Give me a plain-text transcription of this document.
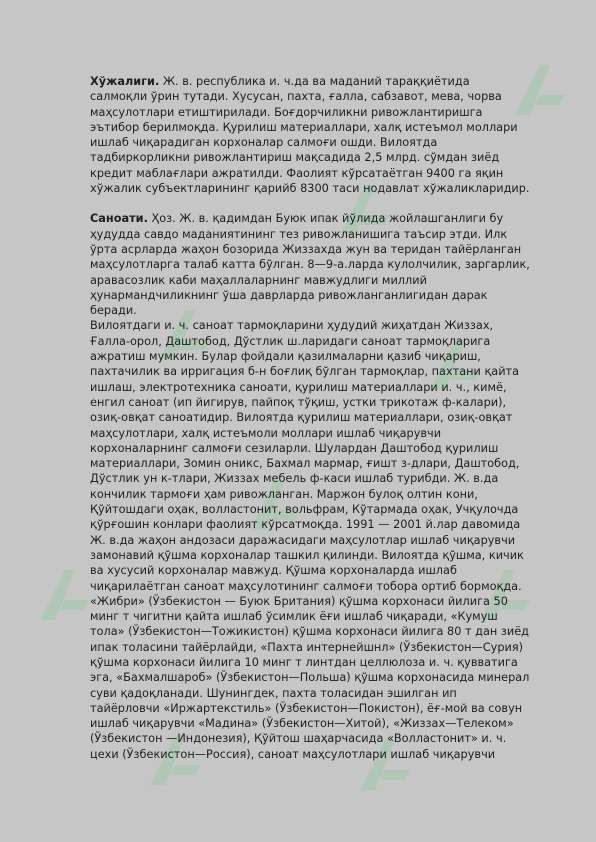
Хўжалиги. Ж. в. республика и. ч.да ва маданий тараққиётида салмоқли ўрин тутади. Хусусан, пахта, ғалла, сабзавот, мева, чорва маҳсулотлари етиштирилади. Боғдорчиликни ривожлантиришга эътибор берилмоқда. Қурилиш материаллари, халқ истеъмол моллари ишлаб чиқарадиган корхоналар салмоғи ошди. Вилоятда тадбиркорликни ривожлантириш мақсадида 2,5 млрд. сўмдан зиёд кредит маблағлари ажратилди. Фаолият кўрсатаётган 9400 га яқин хўжалик субъектларининг қарийб 8300 таси нодавлат хўжаликларидир.

Саноати. Ҳоз. Ж. в. қадимдан Буюк ипак йўлида жойлашганлиги бу ҳудудда савдо маданиятининг тез ривожланишига таъсир этди. Илк ўрта асрларда жаҳон бозорида Жиззахда жун ва теридан тайёрланган маҳсулотларга талаб катта бўлган. 8—9-а.ларда кулолчилик, заргарлик, аравасозлик каби маҳаллаларнинг мавжудлиги миллий ҳунармандчиликнинг ўша даврларда ривожланганлигидан дарак беради.

Вилоятдаги и. ч. саноат тармоқларини ҳудудий жиҳатдан Жиззах, Ғалла-орол, Даштобод, Дўстлик ш.ларидаги саноат тармоқларига ажратиш мумкин. Булар фойдали қазилмаларни қазиб чиқариш, пахтачилик ва ирригация б-н боғлиқ бўлган тармоқлар, пахтани қайта ишлаш, электротехника саноати, қурилиш материаллари и. ч., кимё, енгил саноат (ип йигирув, пайпоқ тўқиш, устки трикотаж ф-калари), озиқ-овқат саноатидир. Вилоятда қурилиш материаллари, озиқ-овқат маҳсулотлари, халқ истеъмоли моллари ишлаб чиқарувчи корхоналарнинг салмоғи сезиларли. Шулардан Даштобод қурилиш материаллари, Зомин оникс, Бахмал мармар, ғишт з-длари, Даштобод, Дўстлик ун к-тлари, Жиззах мебель ф-каси ишлаб турибди. Ж. в.да кончилик тармоғи ҳам ривожланган. Маржон булоқ олтин кони, Қўйтошдаги оҳак, волластонит, вольфрам, Кўтармада оҳак, Учқулочда қўрғошин конлари фаолият кўрсатмоқда. 1991 — 2001 й.лар давомида Ж. в.да жаҳон андозаси даражасидаги маҳсулотлар ишлаб чиқарувчи замонавий қўшма корхоналар ташкил қилинди. Вилоятда қўшма, кичик ва хусусий корхоналар мавжуд. Қўшма корхоналарда ишлаб чиқарилаётган саноат маҳсулотининг салмоғи тобора ортиб бормоқда. «Жибри» (Ўзбекистон — Буюк Британия) қўшма корхонаси йилига 50 минг т чигитни қайта ишлаб ўсимлик ёғи ишлаб чиқаради, «Кумуш тола» (Ўзбекистон—Тожикистон) қўшма корхонаси йилига 80 т дан зиёд ипак толасини тайёрлайди, «Пахта интернейшнл» (Ўзбекистон—Сурия) қўшма корхонаси йилига 10 минг т линтдан целлюлоза и. ч. қувватига эга, «Бахмалшароб» (Ўзбекистон—Польша) қўшма корхонасида минерал суви қадоқланади. Шунингдек, пахта толасидан эшилган ип тайёрловчи «Иржартекстиль» (Ўзбекистон—Покистон), ёғ-мой ва совун ишлаб чиқарувчи «Мадина» (Ўзбекистон—Хитой), «Жиззах—Телеком» (Ўзбекистон —Индонезия), Қўйтош шаҳарчасида «Волластонит» и. ч. цехи (Ўзбекистон—Россия), саноат маҳсулотлари ишлаб чиқарувчи
